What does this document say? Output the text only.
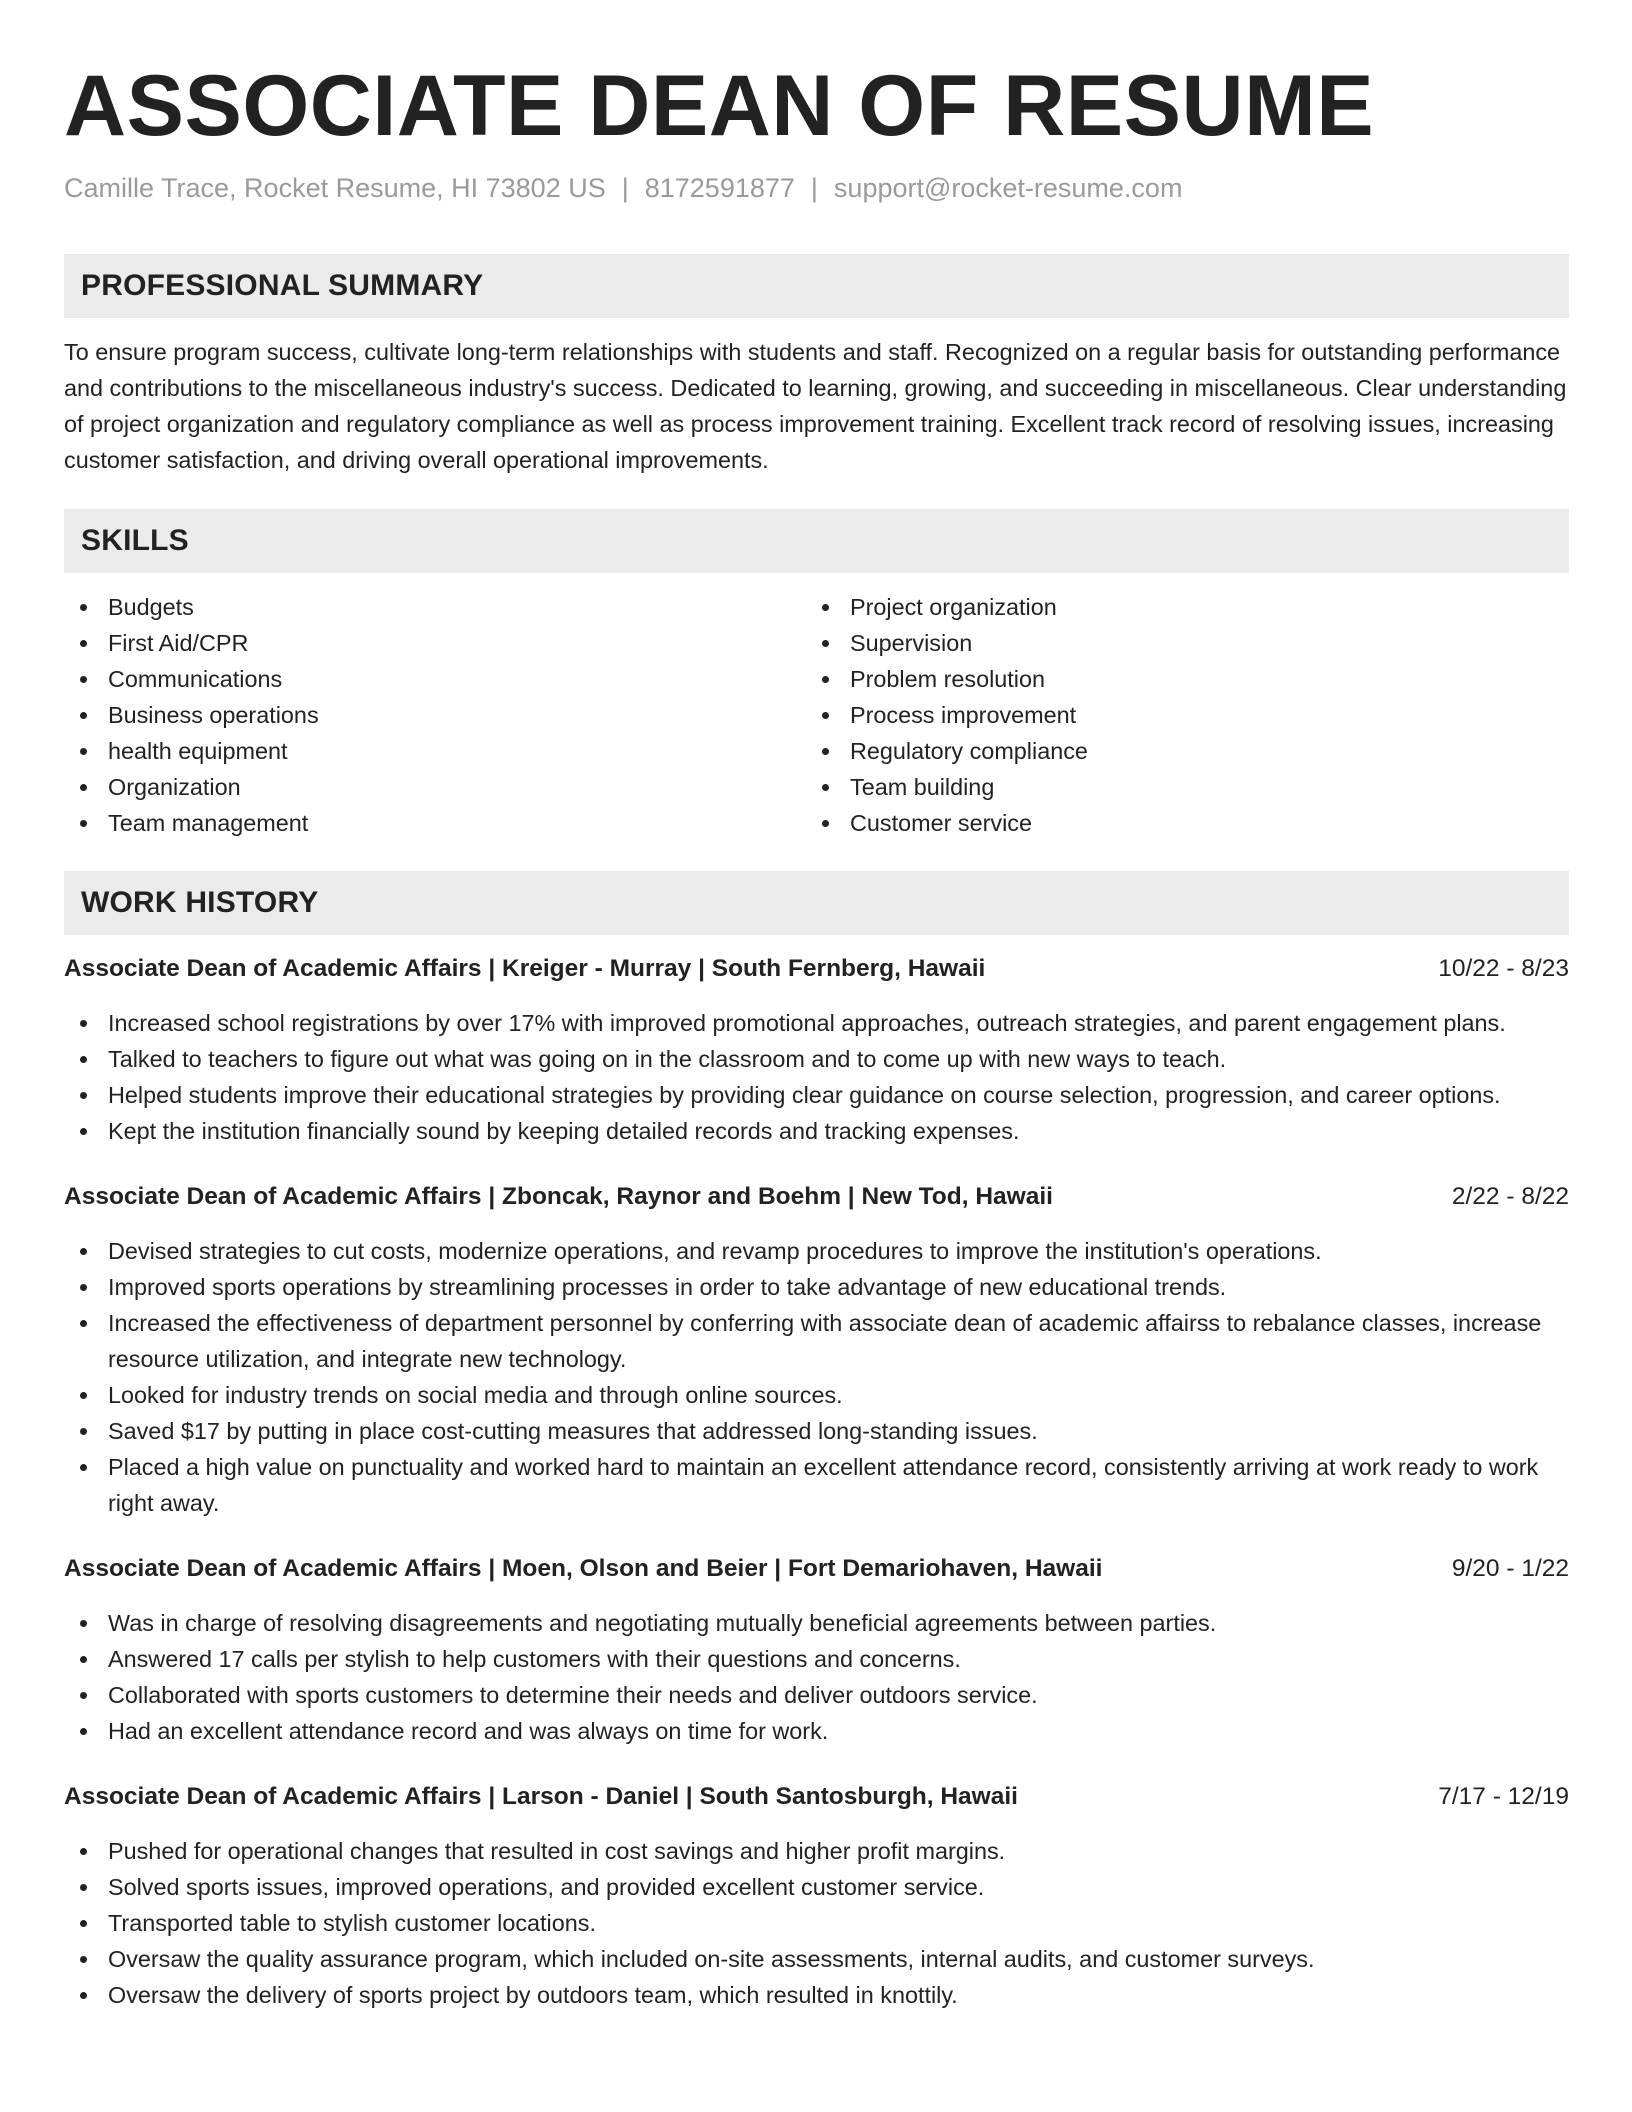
ASSOCIATE DEAN OF RESUME
Camille Trace, Rocket Resume, HI 73802 US | 8172591877 | support@rocket-resume.com
PROFESSIONAL SUMMARY
To ensure program success, cultivate long-term relationships with students and staff. Recognized on a regular basis for outstanding performance and contributions to the miscellaneous industry's success. Dedicated to learning, growing, and succeeding in miscellaneous. Clear understanding of project organization and regulatory compliance as well as process improvement training. Excellent track record of resolving issues, increasing customer satisfaction, and driving overall operational improvements.
SKILLS
Budgets
First Aid/CPR
Communications
Business operations
health equipment
Organization
Team management
Project organization
Supervision
Problem resolution
Process improvement
Regulatory compliance
Team building
Customer service
WORK HISTORY
Associate Dean of Academic Affairs | Kreiger - Murray | South Fernberg, Hawaii	10/22 - 8/23
Increased school registrations by over 17% with improved promotional approaches, outreach strategies, and parent engagement plans.
Talked to teachers to figure out what was going on in the classroom and to come up with new ways to teach.
Helped students improve their educational strategies by providing clear guidance on course selection, progression, and career options.
Kept the institution financially sound by keeping detailed records and tracking expenses.
Associate Dean of Academic Affairs | Zboncak, Raynor and Boehm | New Tod, Hawaii	2/22 - 8/22
Devised strategies to cut costs, modernize operations, and revamp procedures to improve the institution's operations.
Improved sports operations by streamlining processes in order to take advantage of new educational trends.
Increased the effectiveness of department personnel by conferring with associate dean of academic affairss to rebalance classes, increase resource utilization, and integrate new technology.
Looked for industry trends on social media and through online sources.
Saved $17 by putting in place cost-cutting measures that addressed long-standing issues.
Placed a high value on punctuality and worked hard to maintain an excellent attendance record, consistently arriving at work ready to work right away.
Associate Dean of Academic Affairs | Moen, Olson and Beier | Fort Demariohaven, Hawaii	9/20 - 1/22
Was in charge of resolving disagreements and negotiating mutually beneficial agreements between parties.
Answered 17 calls per stylish to help customers with their questions and concerns.
Collaborated with sports customers to determine their needs and deliver outdoors service.
Had an excellent attendance record and was always on time for work.
Associate Dean of Academic Affairs | Larson - Daniel | South Santosburgh, Hawaii	7/17 - 12/19
Pushed for operational changes that resulted in cost savings and higher profit margins.
Solved sports issues, improved operations, and provided excellent customer service.
Transported table to stylish customer locations.
Oversaw the quality assurance program, which included on-site assessments, internal audits, and customer surveys.
Oversaw the delivery of sports project by outdoors team, which resulted in knottily.
